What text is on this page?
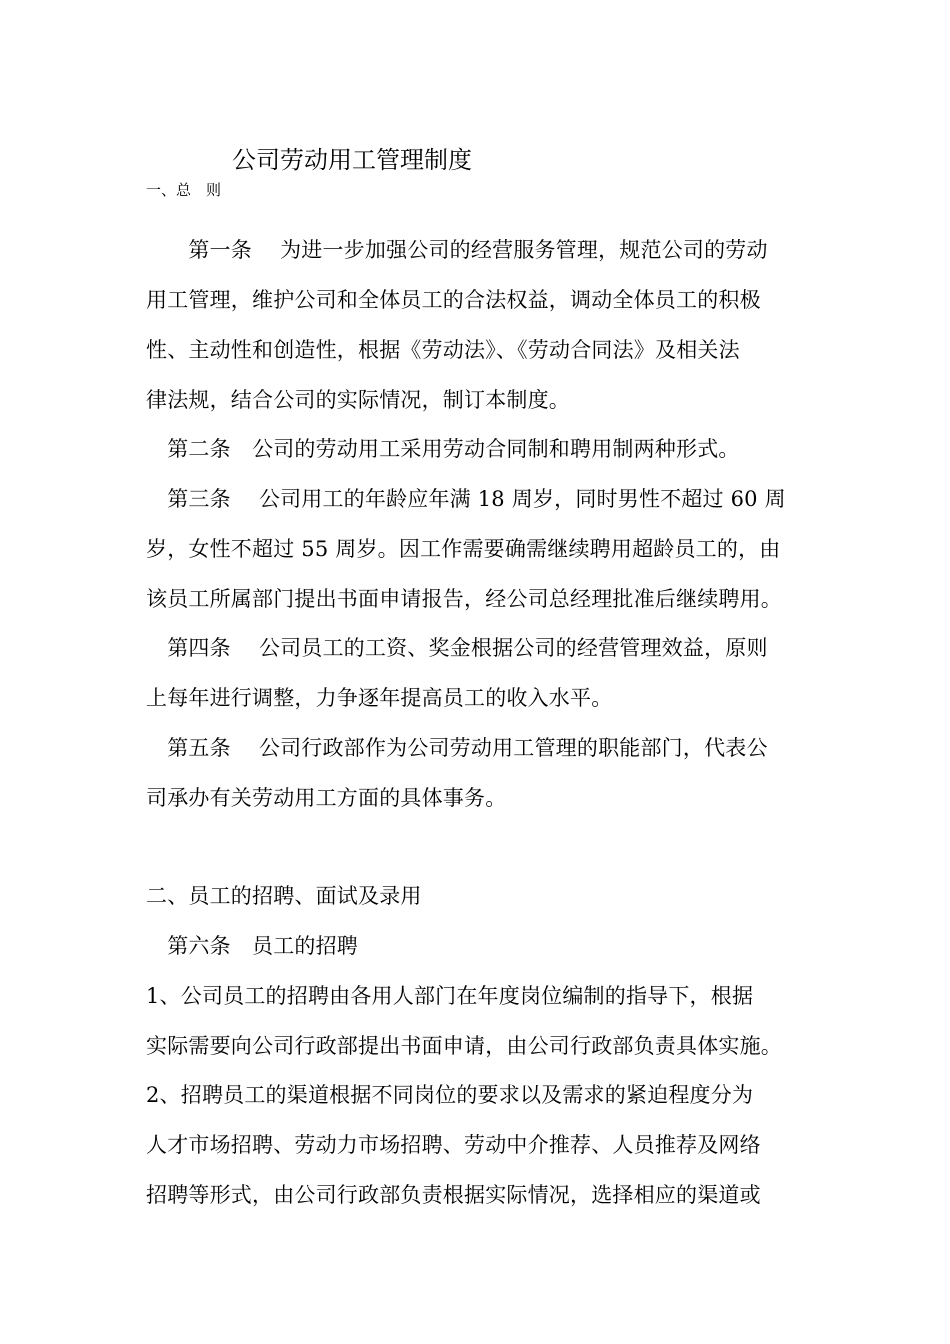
公司劳动用工管理制度
一、总　则
　　第一条　 为进一步加强公司的经营服务管理，规范公司的劳动
用工管理，维护公司和全体员工的合法权益，调动全体员工的积极
性、主动性和创造性，根据《劳动法》、《劳动合同法》及相关法
律法规，结合公司的实际情况，制订本制度。
　第二条　公司的劳动用工采用劳动合同制和聘用制两种形式。
　第三条　 公司用工的年龄应年满 18 周岁，同时男性不超过 60 周
岁，女性不超过 55 周岁。因工作需要确需继续聘用超龄员工的，由
该员工所属部门提出书面申请报告，经公司总经理批准后继续聘用。
　第四条　 公司员工的工资、奖金根据公司的经营管理效益，原则
上每年进行调整，力争逐年提高员工的收入水平。
　第五条　 公司行政部作为公司劳动用工管理的职能部门，代表公
司承办有关劳动用工方面的具体事务。
二、员工的招聘、面试及录用
　第六条　员工的招聘
1、公司员工的招聘由各用人部门在年度岗位编制的指导下，根据
实际需要向公司行政部提出书面申请，由公司行政部负责具体实施。
2、招聘员工的渠道根据不同岗位的要求以及需求的紧迫程度分为
人才市场招聘、劳动力市场招聘、劳动中介推荐、人员推荐及网络
招聘等形式，由公司行政部负责根据实际情况，选择相应的渠道或
